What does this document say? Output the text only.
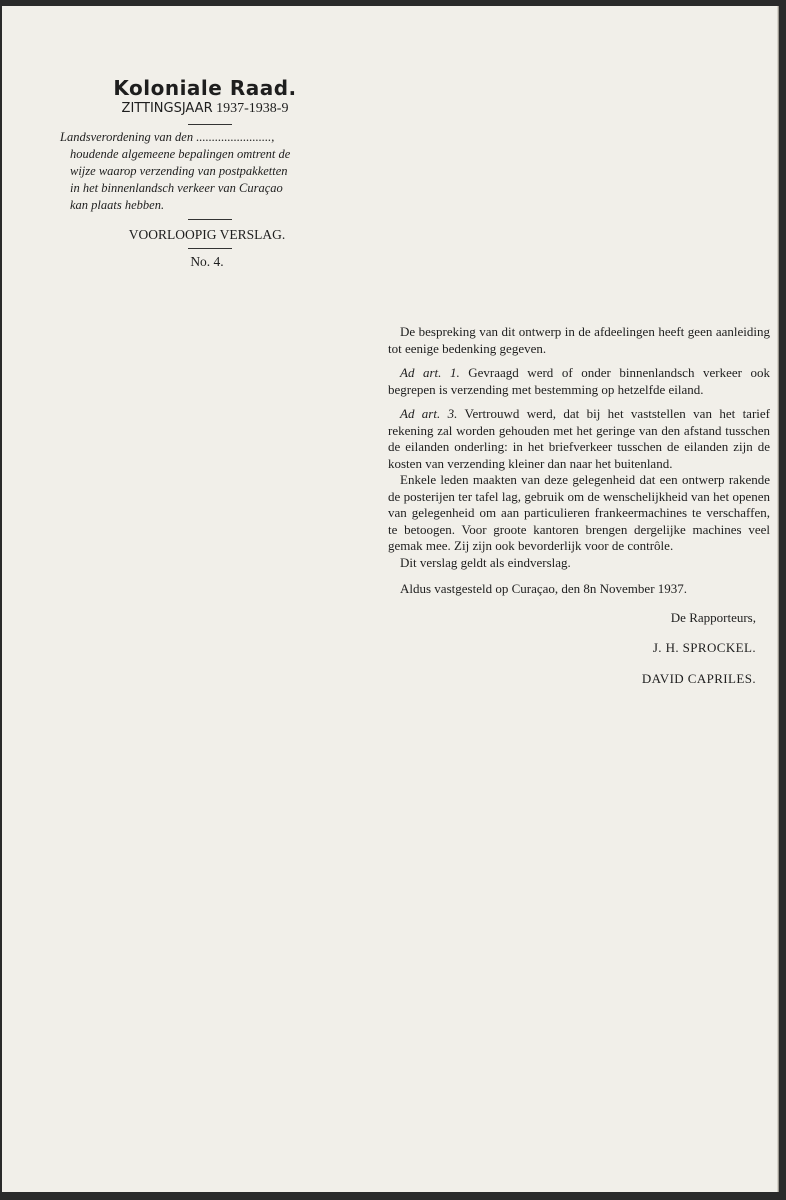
Koloniale Raad.

ZITTINGSJAAR 1937-1938-9

Landsverordening van den ........................,
houdende algemeene bepalingen omtrent de
wijze waarop verzending van postpakketten
in het binnenlandsch verkeer van Curaçao
kan plaats hebben.

VOORLOOPIG VERSLAG.

No. 4.

De bespreking van dit ontwerp in de afdeelingen heeft geen aanleiding tot eenige bedenking gegeven.

Ad art. 1. Gevraagd werd of onder binnenlandsch verkeer ook begrepen is verzending met bestemming op hetzelfde eiland.

Ad art. 3. Vertrouwd werd, dat bij het vaststellen van het tarief rekening zal worden gehouden met het geringe van den afstand tusschen de eilanden onderling: in het briefverkeer tusschen de eilanden zijn de kosten van verzending kleiner dan naar het buitenland.

Enkele leden maakten van deze gelegenheid dat een ontwerp rakende de posterijen ter tafel lag, gebruik om de wenschelijkheid van het openen van gelegenheid om aan particulieren frankeermachines te verschaffen, te betoogen. Voor groote kantoren brengen dergelijke machines veel gemak mee. Zij zijn ook bevorderlijk voor de contrôle.

Dit verslag geldt als eindverslag.

Aldus vastgesteld op Curaçao, den 8n November 1937.

De Rapporteurs,

J. H. SPROCKEL.

DAVID CAPRILES.
